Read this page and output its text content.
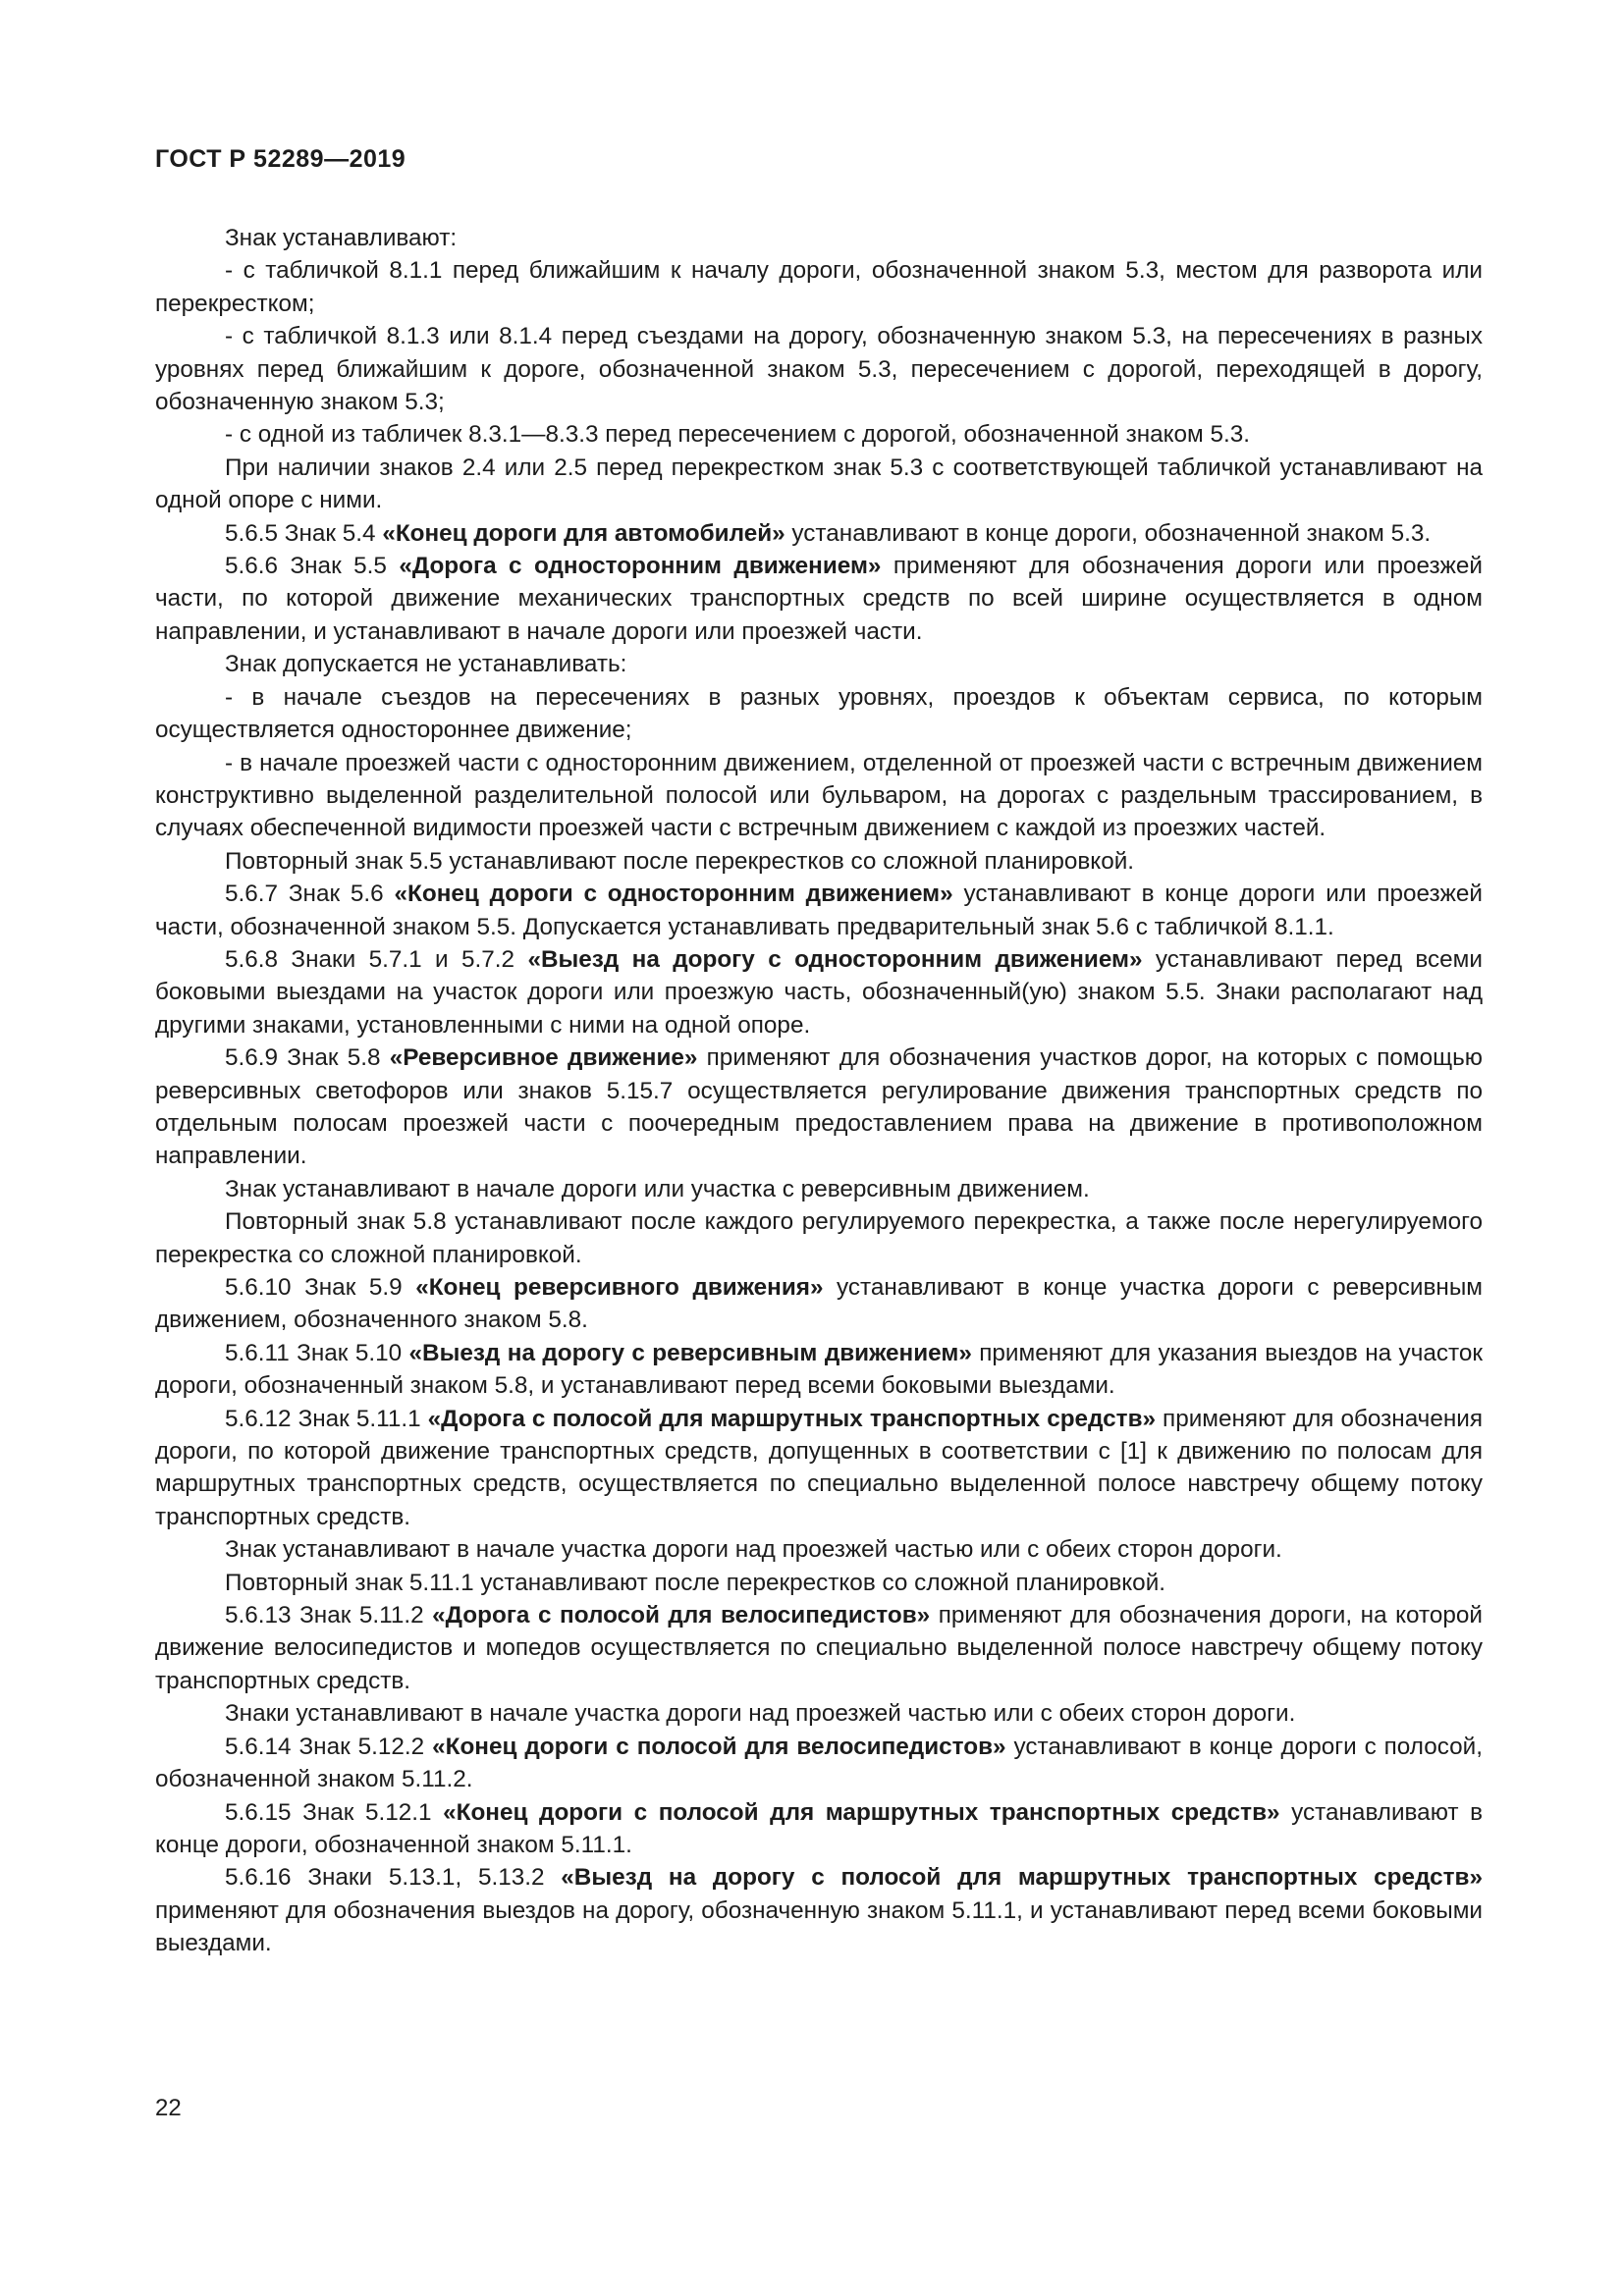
ГОСТ Р 52289—2019

Знак устанавливают:

- с табличкой 8.1.1 перед ближайшим к началу дороги, обозначенной знаком 5.3, местом для разворота или перекрестком;

- с табличкой 8.1.3 или 8.1.4 перед съездами на дорогу, обозначенную знаком 5.3, на пересечениях в разных уровнях перед ближайшим к дороге, обозначенной знаком 5.3, пересечением с дорогой, переходящей в дорогу, обозначенную знаком 5.3;

- с одной из табличек 8.3.1—8.3.3 перед пересечением с дорогой, обозначенной знаком 5.3.

При наличии знаков 2.4 или 2.5 перед перекрестком знак 5.3 с соответствующей табличкой устанавливают на одной опоре с ними.

5.6.5 Знак 5.4 «Конец дороги для автомобилей» устанавливают в конце дороги, обозначенной знаком 5.3.

5.6.6 Знак 5.5 «Дорога с односторонним движением» применяют для обозначения дороги или проезжей части, по которой движение механических транспортных средств по всей ширине осуществляется в одном направлении, и устанавливают в начале дороги или проезжей части.

Знак допускается не устанавливать:

- в начале съездов на пересечениях в разных уровнях, проездов к объектам сервиса, по которым осуществляется одностороннее движение;

- в начале проезжей части с односторонним движением, отделенной от проезжей части с встречным движением конструктивно выделенной разделительной полосой или бульваром, на дорогах с раздельным трассированием, в случаях обеспеченной видимости проезжей части с встречным движением с каждой из проезжих частей.

Повторный знак 5.5 устанавливают после перекрестков со сложной планировкой.

5.6.7 Знак 5.6 «Конец дороги с односторонним движением» устанавливают в конце дороги или проезжей части, обозначенной знаком 5.5. Допускается устанавливать предварительный знак 5.6 с табличкой 8.1.1.

5.6.8 Знаки 5.7.1 и 5.7.2 «Выезд на дорогу с односторонним движением» устанавливают перед всеми боковыми выездами на участок дороги или проезжую часть, обозначенный(ую) знаком 5.5. Знаки располагают над другими знаками, установленными с ними на одной опоре.

5.6.9 Знак 5.8 «Реверсивное движение» применяют для обозначения участков дорог, на которых с помощью реверсивных светофоров или знаков 5.15.7 осуществляется регулирование движения транспортных средств по отдельным полосам проезжей части с поочередным предоставлением права на движение в противоположном направлении.

Знак устанавливают в начале дороги или участка с реверсивным движением.

Повторный знак 5.8 устанавливают после каждого регулируемого перекрестка, а также после нерегулируемого перекрестка со сложной планировкой.

5.6.10 Знак 5.9 «Конец реверсивного движения» устанавливают в конце участка дороги с реверсивным движением, обозначенного знаком 5.8.

5.6.11 Знак 5.10 «Выезд на дорогу с реверсивным движением» применяют для указания выездов на участок дороги, обозначенный знаком 5.8, и устанавливают перед всеми боковыми выездами.

5.6.12 Знак 5.11.1 «Дорога с полосой для маршрутных транспортных средств» применяют для обозначения дороги, по которой движение транспортных средств, допущенных в соответствии с [1] к движению по полосам для маршрутных транспортных средств, осуществляется по специально выделенной полосе навстречу общему потоку транспортных средств.

Знак устанавливают в начале участка дороги над проезжей частью или с обеих сторон дороги.

Повторный знак 5.11.1 устанавливают после перекрестков со сложной планировкой.

5.6.13 Знак 5.11.2 «Дорога с полосой для велосипедистов» применяют для обозначения дороги, на которой движение велосипедистов и мопедов осуществляется по специально выделенной полосе навстречу общему потоку транспортных средств.

Знаки устанавливают в начале участка дороги над проезжей частью или с обеих сторон дороги.

5.6.14 Знак 5.12.2 «Конец дороги с полосой для велосипедистов» устанавливают в конце дороги с полосой, обозначенной знаком 5.11.2.

5.6.15 Знак 5.12.1 «Конец дороги с полосой для маршрутных транспортных средств» устанавливают в конце дороги, обозначенной знаком 5.11.1.

5.6.16 Знаки 5.13.1, 5.13.2 «Выезд на дорогу с полосой для маршрутных транспортных средств» применяют для обозначения выездов на дорогу, обозначенную знаком 5.11.1, и устанавливают перед всеми боковыми выездами.

22
